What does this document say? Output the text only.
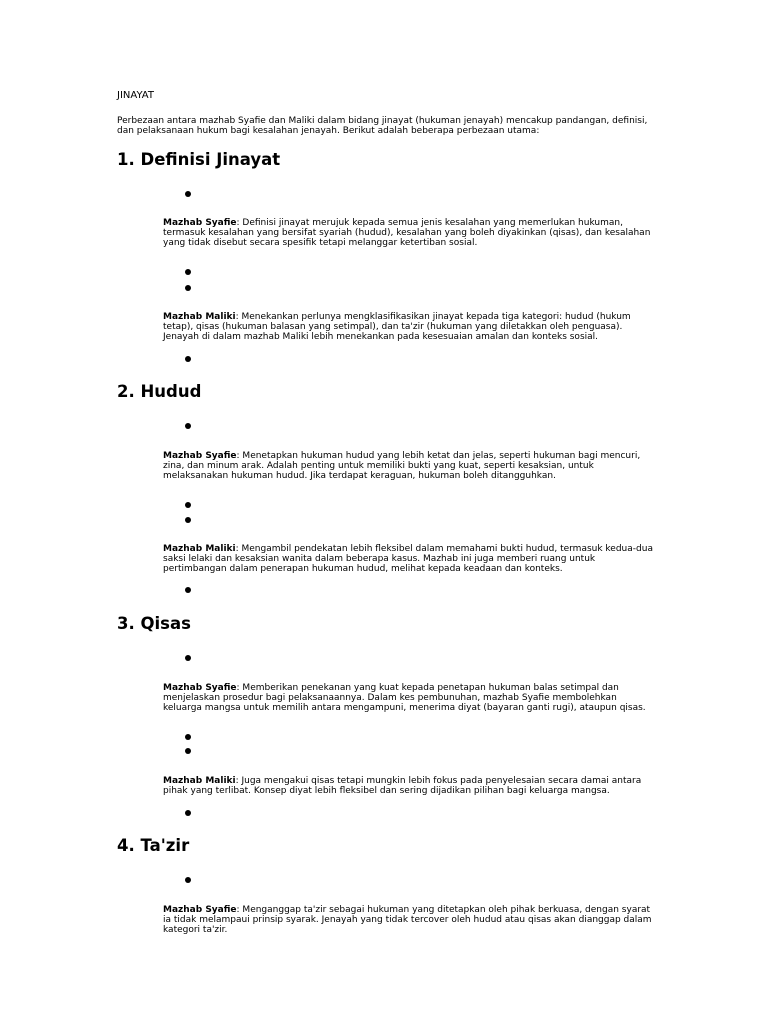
JINAYAT

Perbezaan antara mazhab Syafie dan Maliki dalam bidang jinayat (hukuman jenayah) mencakup pandangan, definisi, dan pelaksanaan hukum bagi kesalahan jenayah. Berikut adalah beberapa perbezaan utama:

1. Definisi Jinayat

Mazhab Syafie: Definisi jinayat merujuk kepada semua jenis kesalahan yang memerlukan hukuman, termasuk kesalahan yang bersifat syariah (hudud), kesalahan yang boleh diyakinkan (qisas), dan kesalahan yang tidak disebut secara spesifik tetapi melanggar ketertiban sosial.

Mazhab Maliki: Menekankan perlunya mengklasifikasikan jinayat kepada tiga kategori: hudud (hukum tetap), qisas (hukuman balasan yang setimpal), dan ta'zir (hukuman yang diletakkan oleh penguasa). Jenayah di dalam mazhab Maliki lebih menekankan pada kesesuaian amalan dan konteks sosial.

2. Hudud

Mazhab Syafie: Menetapkan hukuman hudud yang lebih ketat dan jelas, seperti hukuman bagi mencuri, zina, dan minum arak. Adalah penting untuk memiliki bukti yang kuat, seperti kesaksian, untuk melaksanakan hukuman hudud. Jika terdapat keraguan, hukuman boleh ditangguhkan.

Mazhab Maliki: Mengambil pendekatan lebih fleksibel dalam memahami bukti hudud, termasuk kedua-dua saksi lelaki dan kesaksian wanita dalam beberapa kasus. Mazhab ini juga memberi ruang untuk pertimbangan dalam penerapan hukuman hudud, melihat kepada keadaan dan konteks.

3. Qisas

Mazhab Syafie: Memberikan penekanan yang kuat kepada penetapan hukuman balas setimpal dan menjelaskan prosedur bagi pelaksanaannya. Dalam kes pembunuhan, mazhab Syafie membolehkan keluarga mangsa untuk memilih antara mengampuni, menerima diyat (bayaran ganti rugi), ataupun qisas.

Mazhab Maliki: Juga mengakui qisas tetapi mungkin lebih fokus pada penyelesaian secara damai antara pihak yang terlibat. Konsep diyat lebih fleksibel dan sering dijadikan pilihan bagi keluarga mangsa.

4. Ta'zir

Mazhab Syafie: Menganggap ta'zir sebagai hukuman yang ditetapkan oleh pihak berkuasa, dengan syarat ia tidak melampaui prinsip syarak. Jenayah yang tidak tercover oleh hudud atau qisas akan dianggap dalam kategori ta'zir.
